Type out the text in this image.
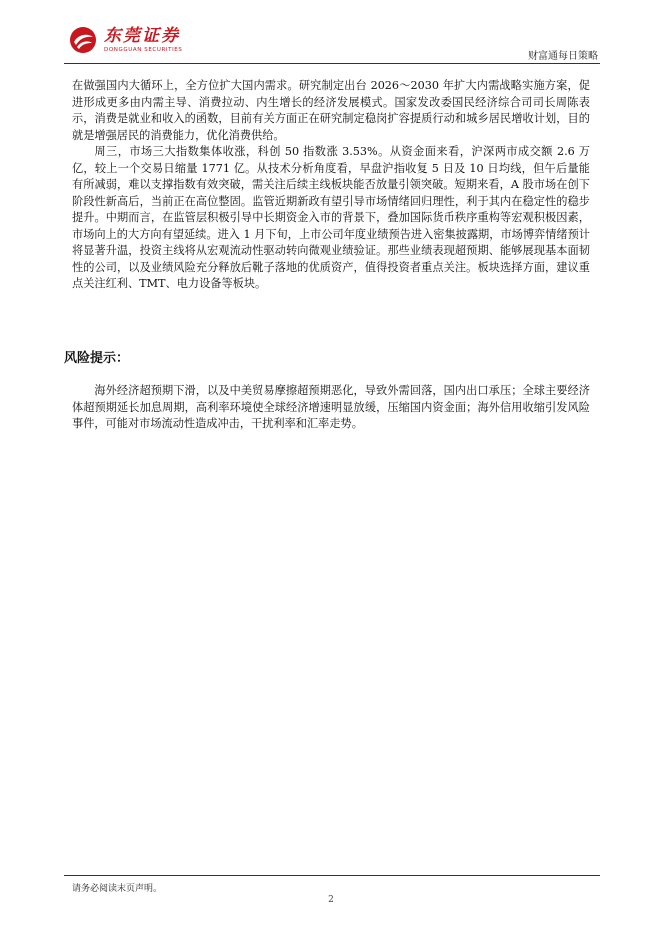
东莞证券
DONGGUAN SECURITIES
财富通每日策略

在做强国内大循环上，全方位扩大国内需求。研究制定出台 2026～2030 年扩大内需战略实施方案，促进形成更多由内需主导、消费拉动、内生增长的经济发展模式。国家发改委国民经济综合司司长周陈表示，消费是就业和收入的函数，目前有关方面正在研究制定稳岗扩容提质行动和城乡居民增收计划，目的就是增强居民的消费能力，优化消费供给。

周三，市场三大指数集体收涨，科创 50 指数涨 3.53%。从资金面来看，沪深两市成交额 2.6 万亿，较上一个交易日缩量 1771 亿。从技术分析角度看，早盘沪指收复 5 日及 10 日均线，但午后量能有所减弱，难以支撑指数有效突破，需关注后续主线板块能否放量引领突破。短期来看，A 股市场在创下阶段性新高后，当前正在高位整固。监管近期新政有望引导市场情绪回归理性，利于其内在稳定性的稳步提升。中期而言，在监管层积极引导中长期资金入市的背景下，叠加国际货币秩序重构等宏观积极因素，市场向上的大方向有望延续。进入 1 月下旬，上市公司年度业绩预告进入密集披露期，市场博弈情绪预计将显著升温，投资主线将从宏观流动性驱动转向微观业绩验证。那些业绩表现超预期、能够展现基本面韧性的公司，以及业绩风险充分释放后靴子落地的优质资产，值得投资者重点关注。板块选择方面，建议重点关注红利、TMT、电力设备等板块。

风险提示：

海外经济超预期下滑，以及中美贸易摩擦超预期恶化，导致外需回落，国内出口承压；全球主要经济体超预期延长加息周期，高利率环境使全球经济增速明显放缓，压缩国内资金面；海外信用收缩引发风险事件，可能对市场流动性造成冲击，干扰利率和汇率走势。

请务必阅读末页声明。
2
